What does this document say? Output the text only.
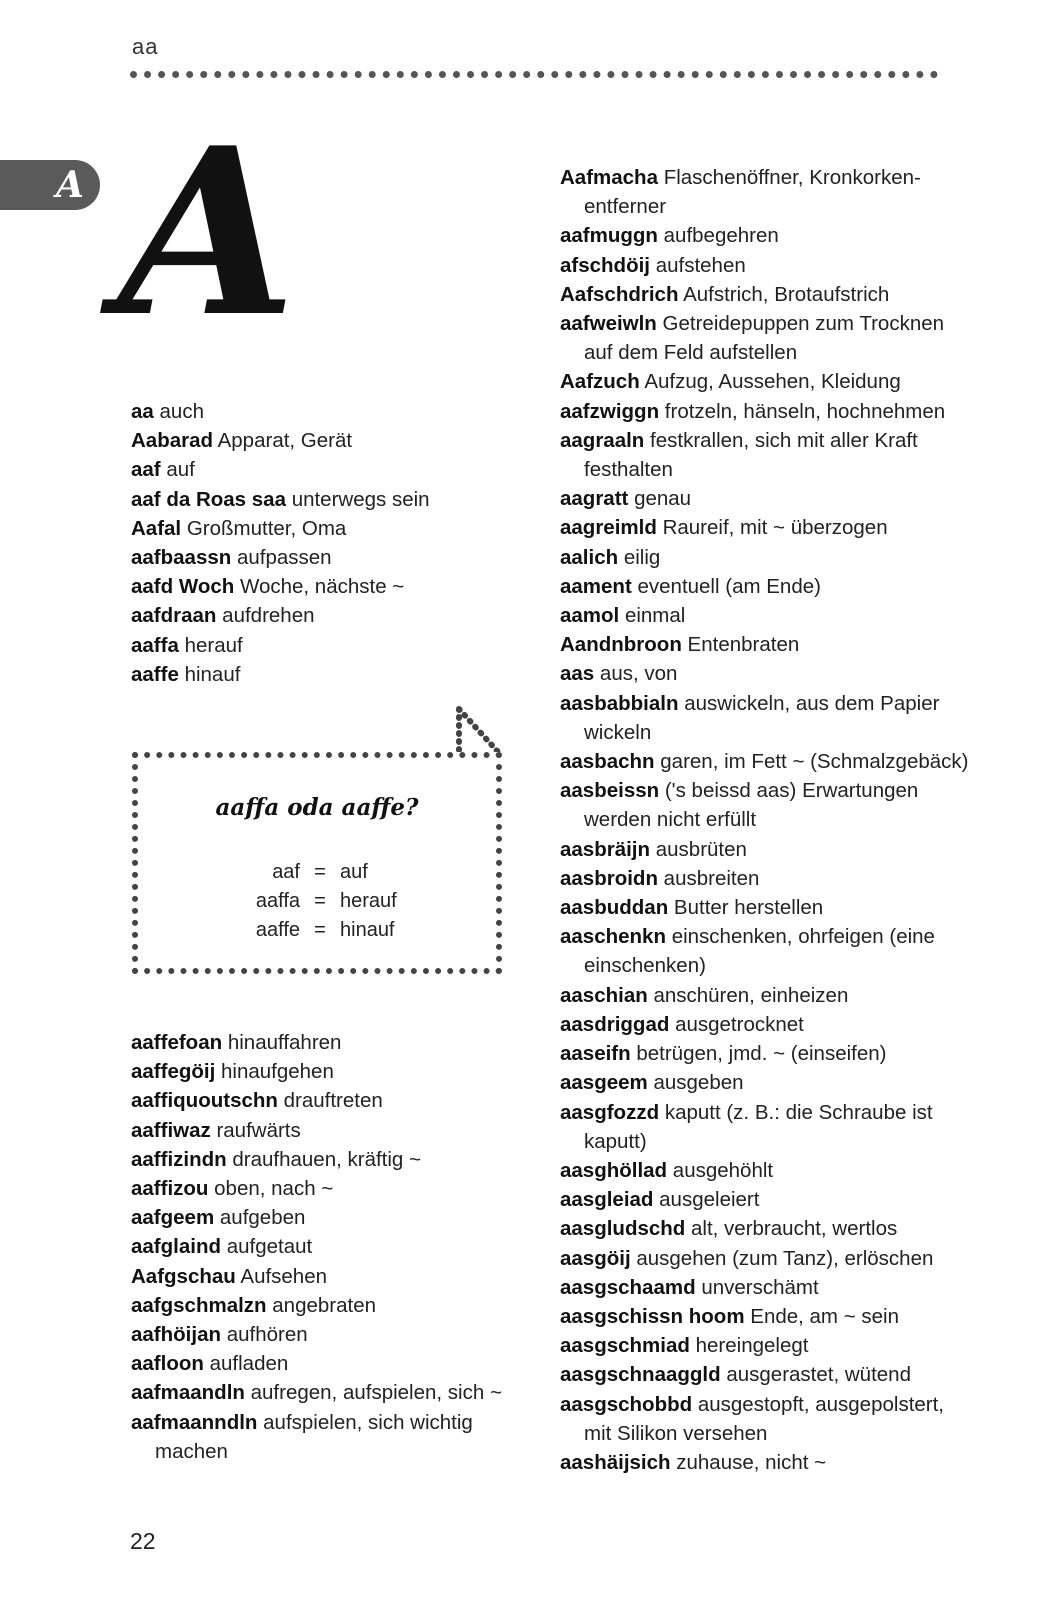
aa
A A
aa auch
Aabarad Apparat, Gerät
aaf auf
aaf da Roas saa unterwegs sein
Aafal Großmutter, Oma
aafbaassn aufpassen
aafd Woch Woche, nächste ~
aafdraan aufdrehen
aaffa herauf
aaffe hinauf
aaffa oda aaffe?
aaf = auf
aaffa = herauf
aaffe = hinauf
aaffefoan hinauffahren
aaffegöij hinaufgehen
aaffiquoutschn drauftreten
aaffiwaz raufwärts
aaffizindn draufhauen, kräftig ~
aaffizou oben, nach ~
aafgeem aufgeben
aafglaind aufgetaut
Aafgschau Aufsehen
aafgschmalzn angebraten
aafhöijan aufhören
aafloon aufladen
aafmaandln aufregen, aufspielen, sich ~
aafmaanndln aufspielen, sich wichtig
machen
Aafmacha Flaschenöffner, Kronkorken-
entferner
aafmuggn aufbegehren
afschdöij aufstehen
Aafschdrich Aufstrich, Brotaufstrich
aafweiwln Getreidepuppen zum Trocknen
auf dem Feld aufstellen
Aafzuch Aufzug, Aussehen, Kleidung
aafzwiggn frotzeln, hänseln, hochnehmen
aagraaln festkrallen, sich mit aller Kraft
festhalten
aagratt genau
aagreimld Raureif, mit ~ überzogen
aalich eilig
aament eventuell (am Ende)
aamol einmal
Aandnbroon Entenbraten
aas aus, von
aasbabbialn auswickeln, aus dem Papier
wickeln
aasbachn garen, im Fett ~ (Schmalzgebäck)
aasbeissn ('s beissd aas) Erwartungen
werden nicht erfüllt
aasbräijn ausbrüten
aasbroidn ausbreiten
aasbuddan Butter herstellen
aaschenkn einschenken, ohrfeigen (eine
einschenken)
aaschian anschüren, einheizen
aasdriggad ausgetrocknet
aaseifn betrügen, jmd. ~ (einseifen)
aasgeem ausgeben
aasgfozzd kaputt (z. B.: die Schraube ist
kaputt)
aasghöllad ausgehöhlt
aasgleiad ausgeleiert
aasgludschd alt, verbraucht, wertlos
aasgöij ausgehen (zum Tanz), erlöschen
aasgschaamd unverschämt
aasgschissn hoom Ende, am ~ sein
aasgschmiad hereingelegt
aasgschnaaggld ausgerastet, wütend
aasgschobbd ausgestopft, ausgepolstert,
mit Silikon versehen
aashäijsich zuhause, nicht ~
22
